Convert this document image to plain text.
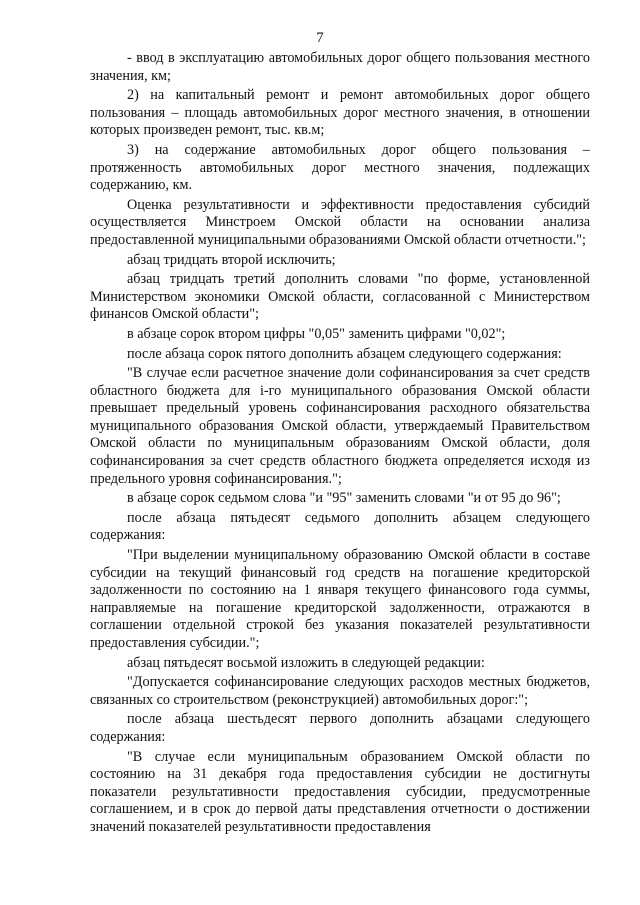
7

- ввод в эксплуатацию автомобильных дорог общего пользования местного значения, км;

2) на капитальный ремонт и ремонт автомобильных дорог общего пользования – площадь автомобильных дорог местного значения, в отношении которых произведен ремонт, тыс. кв.м;

3) на содержание автомобильных дорог общего пользования – протяженность автомобильных дорог местного значения, подлежащих содержанию, км.

Оценка результативности и эффективности предоставления субсидий осуществляется Минстроем Омской области на основании анализа предоставленной муниципальными образованиями Омской области отчетности.";

абзац тридцать второй исключить;

абзац тридцать третий дополнить словами "по форме, установленной Министерством экономики Омской области, согласованной с Министерством финансов Омской области";

в абзаце сорок втором цифры "0,05" заменить цифрами "0,02";

после абзаца сорок пятого дополнить абзацем следующего содержания:

"В случае если расчетное значение доли софинансирования за счет средств областного бюджета для i-го муниципального образования Омской области превышает предельный уровень софинансирования расходного обязательства муниципального образования Омской области, утверждаемый Правительством Омской области по муниципальным образованиям Омской области, доля софинансирования за счет средств областного бюджета определяется исходя из предельного уровня софинансирования.";

в абзаце сорок седьмом слова "и "95" заменить словами "и от 95 до 96";

после абзаца пятьдесят седьмого дополнить абзацем следующего содержания:

"При выделении муниципальному образованию Омской области в составе субсидии на текущий финансовый год средств на погашение кредиторской задолженности по состоянию на 1 января текущего финансового года суммы, направляемые на погашение кредиторской задолженности, отражаются в соглашении отдельной строкой без указания показателей результативности предоставления субсидии.";

абзац пятьдесят восьмой изложить в следующей редакции:

"Допускается софинансирование следующих расходов местных бюджетов, связанных со строительством (реконструкцией) автомобильных дорог:";

после абзаца шестьдесят первого дополнить абзацами следующего содержания:

"В случае если муниципальным образованием Омской области по состоянию на 31 декабря года предоставления субсидии не достигнуты показатели результативности предоставления субсидии, предусмотренные соглашением, и в срок до первой даты представления отчетности о достижении значений показателей результативности предоставления
